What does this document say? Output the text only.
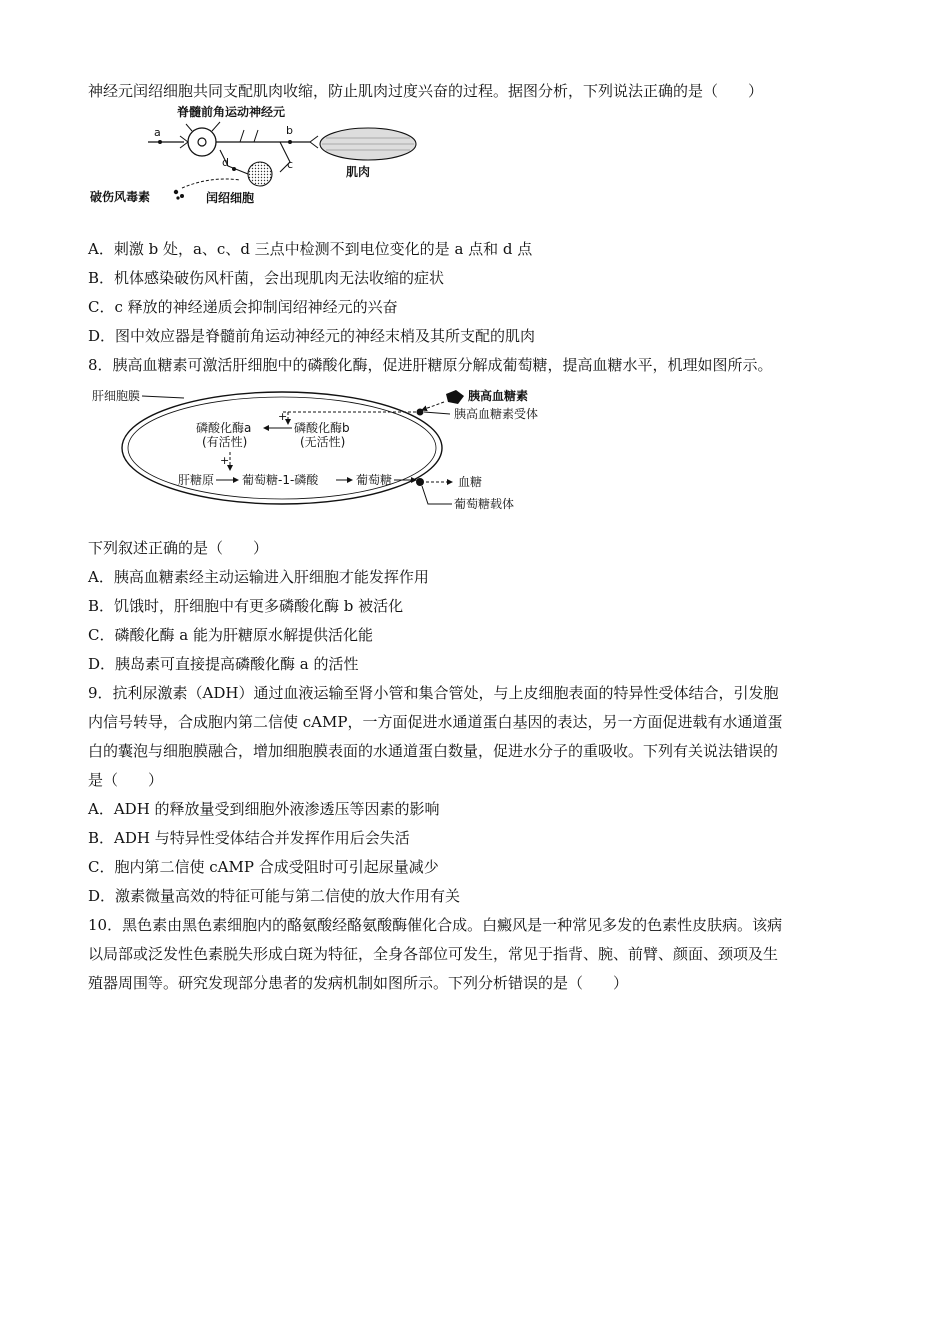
神经元闰绍细胞共同支配肌肉收缩，防止肌肉过度兴奋的过程。据图分析，下列说法正确的是（　　）
脊髓前角运动神经元
a	b
c
d
肌肉
闰绍细胞
破伤风毒素
A．刺激 b 处，a、c、d 三点中检测不到电位变化的是 a 点和 d 点
B．机体感染破伤风杆菌，会出现肌肉无法收缩的症状
C．c 释放的神经递质会抑制闰绍神经元的兴奋
D．图中效应器是脊髓前角运动神经元的神经末梢及其所支配的肌肉
8．胰高血糖素可激活肝细胞中的磷酸化酶，促进肝糖原分解成葡萄糖，提高血糖水平，机理如图所示。
肝细胞膜	胰高血糖素
胰高血糖素受体
+
磷酸化酶a
(有活性)
磷酸化酶b
(无活性)
+
肝糖原 葡萄糖-1-磷酸	葡萄糖	血糖
葡萄糖载体
下列叙述正确的是（　　）
A．胰高血糖素经主动运输进入肝细胞才能发挥作用
B．饥饿时，肝细胞中有更多磷酸化酶 b 被活化
C．磷酸化酶 a 能为肝糖原水解提供活化能
D．胰岛素可直接提高磷酸化酶 a 的活性
9．抗利尿激素（ADH）通过血液运输至肾小管和集合管处，与上皮细胞表面的特异性受体结合，引发胞
内信号转导，合成胞内第二信使 cAMP，一方面促进水通道蛋白基因的表达，另一方面促进载有水通道蛋
白的囊泡与细胞膜融合，增加细胞膜表面的水通道蛋白数量，促进水分子的重吸收。下列有关说法错误的
是（　　）
A．ADH 的释放量受到细胞外液渗透压等因素的影响
B．ADH 与特异性受体结合并发挥作用后会失活
C．胞内第二信使 cAMP 合成受阻时可引起尿量减少
D．激素微量高效的特征可能与第二信使的放大作用有关
10．黑色素由黑色素细胞内的酪氨酸经酪氨酸酶催化合成。白癜风是一种常见多发的色素性皮肤病。该病
以局部或泛发性色素脱失形成白斑为特征，全身各部位可发生，常见于指背、腕、前臂、颜面、颈项及生
殖器周围等。研究发现部分患者的发病机制如图所示。下列分析错误的是（　　）
